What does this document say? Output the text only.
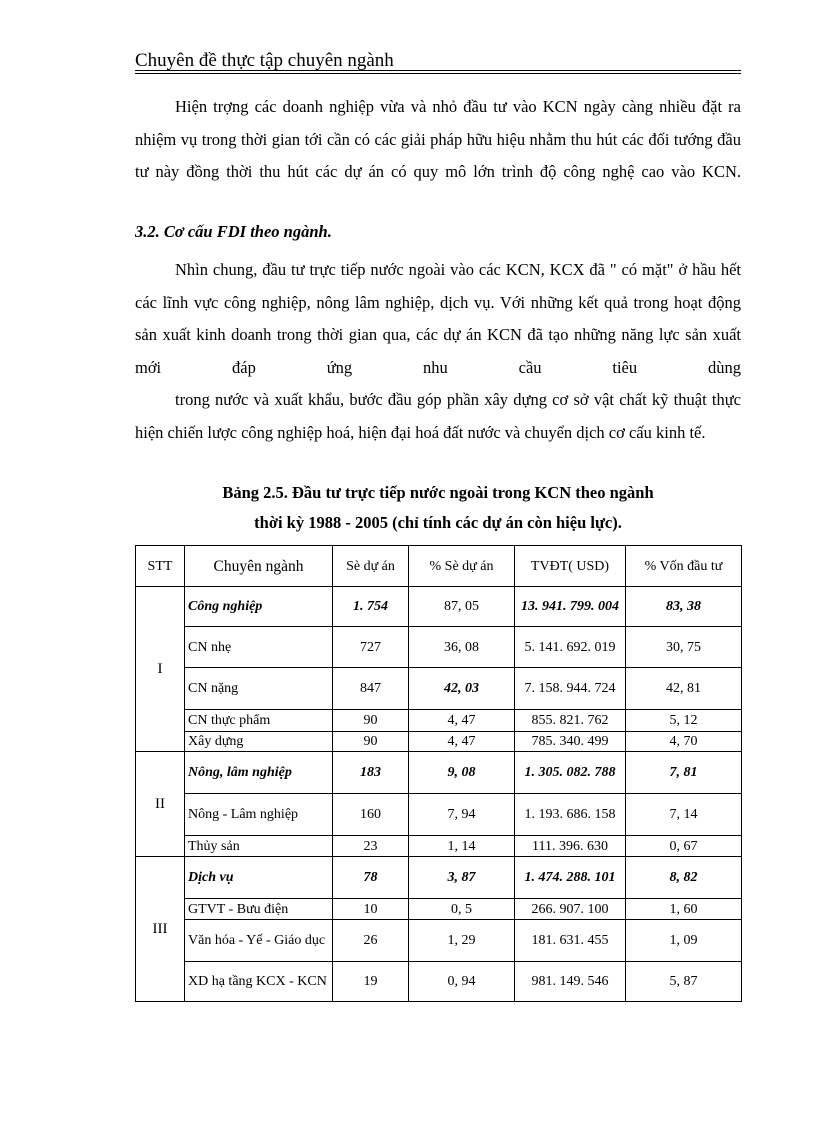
Chuyên đề thực tập chuyên ngành
Hiện trợng các doanh nghiệp vừa và nhỏ đầu tư vào KCN ngày càng nhiều đặt ra nhiệm vụ trong thời gian tới cần có các giải pháp hữu hiệu nhằm thu hút các đối tướng đầu tư này đồng thời thu hút các dự án có quy mô lớn trình độ công nghệ cao vào KCN.
3.2. Cơ cấu FDI theo ngành.
Nhìn chung, đầu tư trực tiếp nước ngoài vào các KCN, KCX đã " có mặt" ở hầu hết các lĩnh vực công nghiệp, nông lâm nghiệp, dịch vụ. Với những kết quả trong hoạt động sản xuất kinh doanh trong thời gian qua, các dự án KCN đã tạo những năng lực sản xuất mới đáp ứng nhu cầu tiêu dùng
trong nước và xuất khẩu, bước đầu góp phần xây dựng cơ sở vật chất kỹ thuật thực hiện chiến lược công nghiệp hoá, hiện đại hoá đất nước và chuyển dịch cơ cấu kinh tế.
Bảng 2.5. Đầu tư trực tiếp nước ngoài trong KCN theo ngành
thời kỳ 1988 - 2005 (chỉ tính các dự án còn hiệu lực).
STT	Chuyên ngành	Sè dự án	% Sè dự án	TVĐT( USD)	% Vốn đầu tư
I	Công nghiệp	1. 754	87, 05	13. 941. 799. 004	83, 38
	CN nhẹ	727	36, 08	5. 141. 692. 019	30, 75
	CN nặng	847	42, 03	7. 158. 944. 724	42, 81
	CN thực phẩm	90	4, 47	855. 821. 762	5, 12
	Xây dựng	90	4, 47	785. 340. 499	4, 70
II	Nông, lâm nghiệp	183	9, 08	1. 305. 082. 788	7, 81
	Nông - Lâm nghiệp	160	7, 94	1. 193. 686. 158	7, 14
	Thủy sản	23	1, 14	111. 396. 630	0, 67
III	Dịch vụ	78	3, 87	1. 474. 288. 101	8, 82
	GTVT - Bưu điện	10	0, 5	266. 907. 100	1, 60
	Văn hóa - Yế - Giáo dục	26	1, 29	181. 631. 455	1, 09
	XD hạ tầng KCX - KCN	19	0, 94	981. 149. 546	5, 87
